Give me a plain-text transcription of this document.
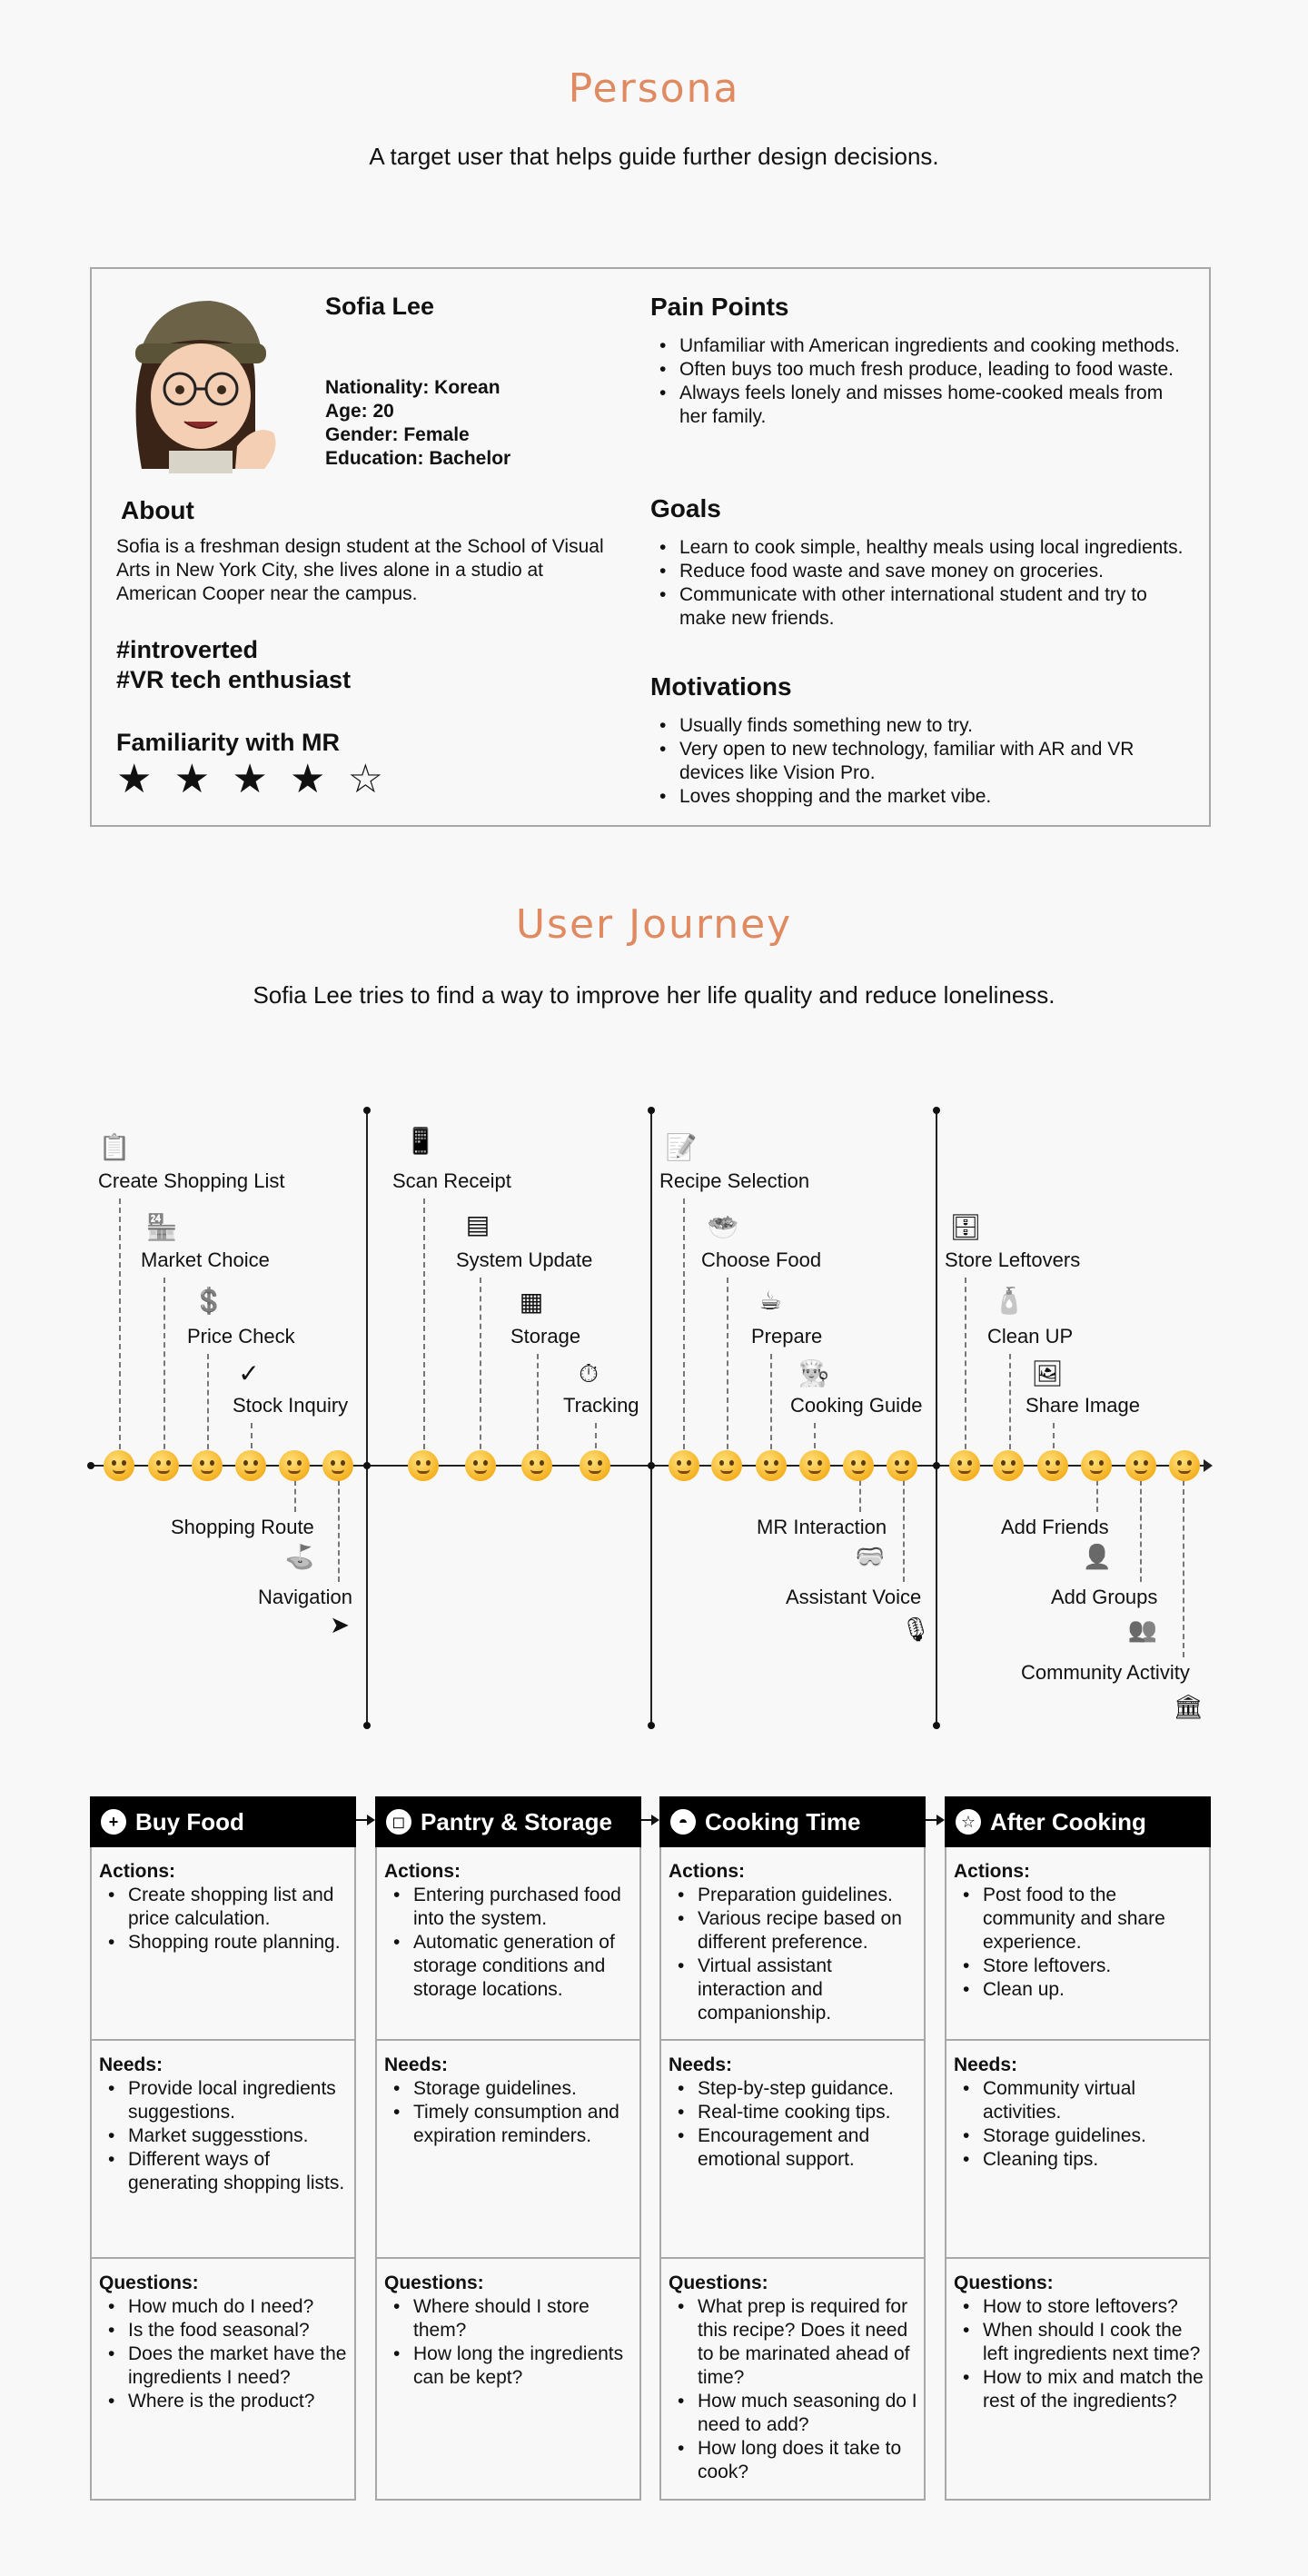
Persona
A target user that helps guide further design decisions.
Sofia Lee
Nationality: Korean
Age: 20
Gender: Female
Education: Bachelor
About
Sofia is a freshman design student at the School of Visual Arts in New York City, she lives alone in a studio at American Cooper near the campus.
#introverted
#VR tech enthusiast
Familiarity with MR
★ ★ ★ ★ ☆
Pain Points
• Unfamiliar with American ingredients and cooking methods.
• Often buys too much fresh produce, leading to food waste.
• Always feels lonely and misses home-cooked meals from her family.
Goals
• Learn to cook simple, healthy meals using local ingredients.
• Reduce food waste and save money on groceries.
• Communicate with other international student and try to make new friends.
Motivations
• Usually finds something new to try.
• Very open to new technology, familiar with AR and VR devices like Vision Pro.
• Loves shopping and the market vibe.
User Journey
Sofia Lee tries to find a way to improve her life quality and reduce loneliness.
📋
Create Shopping List
🏪
Market Choice
💲
Price Check
✓
Stock Inquiry
📱
Scan Receipt
▤
System Update
▦
Storage
⏱
Tracking
📝
Recipe Selection
🥗
Choose Food
☕
Prepare
👨‍🍳
Cooking Guide
🗄
Store Leftovers
🧴
Clean UP
🖼
Share Image
Shopping Route
⛳
Navigation
➤
MR Interaction
🥽
Assistant Voice
🎙
Add Friends
👤
Add Groups
👥
Community Activity
🏛
+ Buy Food
Actions:
• Create shopping list and price calculation.
• Shopping route planning.
Needs:
• Provide local ingredients suggestions.
• Market suggesstions.
• Different ways of generating shopping lists.
Questions:
• How much do I need?
• Is the food seasonal?
• Does the market have the ingredients I need?
• Where is the product?
◻ Pantry & Storage
Actions:
• Entering purchased food into the system.
• Automatic generation of storage conditions and storage locations.
Needs:
• Storage guidelines.
• Timely consumption and expiration reminders.
Questions:
• Where should I store them?
• How long the ingredients can be kept?
◓ Cooking Time
Actions:
• Preparation guidelines.
• Various recipe based on different preference.
• Virtual assistant interaction and companionship.
Needs:
• Step-by-step guidance.
• Real-time cooking tips.
• Encouragement and emotional support.
Questions:
• What prep is required for this recipe? Does it need to be marinated ahead of time?
• How much seasoning do I need to add?
• How long does it take to cook?
☆ After Cooking
Actions:
• Post food to the community and share experience.
• Store leftovers.
• Clean up.
Needs:
• Community virtual activities.
• Storage guidelines.
• Cleaning tips.
Questions:
• How to store leftovers?
• When should I cook the left ingredients next time?
• How to mix and match the rest of the ingredients?
